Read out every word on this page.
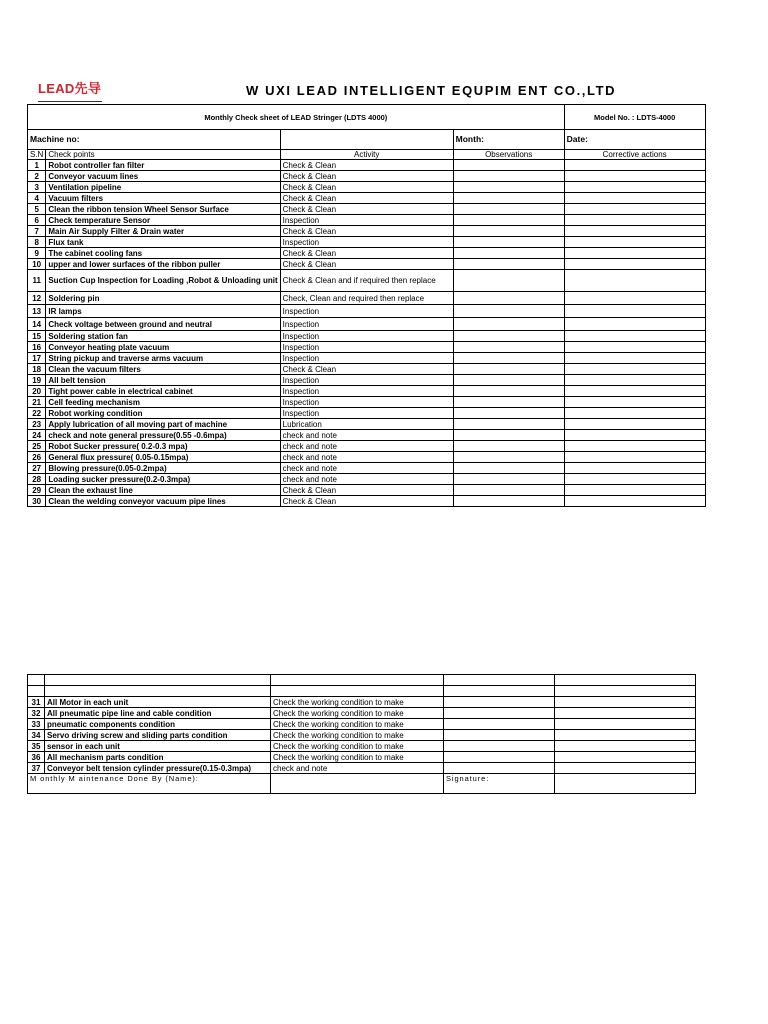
LEAD先导	W UXI LEAD INTELLIGENT EQUPIM ENT CO.,LTD
Monthly Check sheet of LEAD Stringer (LDTS 4000)				Model No. : LDTS-4000
Machine no:			Month:	Date:
S.N	Check points	Activity	Observations	Corrective actions
1	Robot controller fan filter	Check & Clean		
2	Conveyor vacuum lines	Check & Clean		
3	Ventilation pipeline	Check & Clean		
4	Vacuum filters	Check & Clean		
5	Clean the ribbon tension Wheel Sensor Surface	Check & Clean		
6	Check temperature Sensor	Inspection		
7	Main Air Supply Filter & Drain water	Check & Clean		
8	Flux tank	Inspection		
9	The cabinet cooling fans	Check & Clean		
10	upper and lower surfaces of the ribbon puller	Check & Clean		
11	Suction Cup Inspection for Loading ,Robot & Unloading unit	Check & Clean and if required then replace		
12	Soldering pin	Check, Clean and required then replace		
13	IR lamps	Inspection		
14	Check voltage between ground and neutral	Inspection		
15	Soldering station fan	Inspection		
16	Conveyor heating plate vacuum	Inspection		
17	String pickup and traverse arms vacuum	Inspection		
18	Clean the vacuum filters	Check & Clean		
19	All belt tension	Inspection		
20	Tight power cable in electrical cabinet	Inspection		
21	Cell feeding mechanism	Inspection		
22	Robot working condition	Inspection		
23	Apply lubrication of all moving part of machine	Lubrication		
24	check and note general pressure(0.55 -0.6mpa)	check and note		
25	Robot Sucker pressure( 0.2-0.3 mpa)	check and note		
26	General flux pressure( 0.05-0.15mpa)	check and note		
27	Blowing pressure(0.05-0.2mpa)	check and note		
28	Loading sucker pressure(0.2-0.3mpa)	check and note		
29	Clean the exhaust line	Check & Clean		
30	Clean the welding conveyor vacuum pipe lines	Check & Clean		

31	All Motor in each unit	Check the working condition to make		
32	All pneumatic pipe line and cable condition	Check the working condition to make		
33	pneumatic components condition	Check the working condition to make		
34	Servo driving screw and sliding parts condition	Check the working condition to make		
35	sensor in each unit	Check the working condition to make		
36	All mechanism parts condition	Check the working condition to make		
37	Conveyor belt tension cylinder pressure(0.15-0.3mpa)	check and note		
M onthly M aintenance Done By (Name):			Signature:	
